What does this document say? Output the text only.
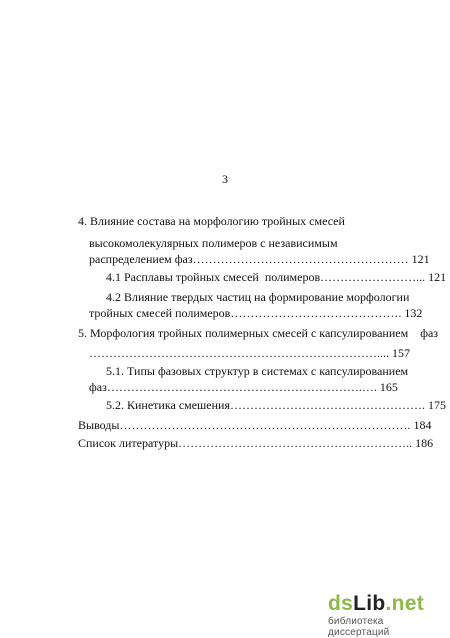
3
4. Влияние состава на морфологию тройных смесей
высокомолекулярных полимеров с независимым
распределением фаз……………………………………………… 121
4.1 Расплавы тройных смесей  полимеров……………………... 121
4.2 Влияние твердых частиц на формирование морфологии
тройных смесей полимеров……………………………………. 132
5. Морфология тройных полимерных смесей с капсулированием    фаз
……………………………………………………………….... 157
5.1. Типы фазовых структур в системах с капсулированием
фаз……………………………………………………….…. 165
5.2. Кинетика смешения…………………………………………. 175
Выводы………………………………………………………………. 184
Список литературы………………………………………………….. 186
dsLib.net
библиотека диссертаций
